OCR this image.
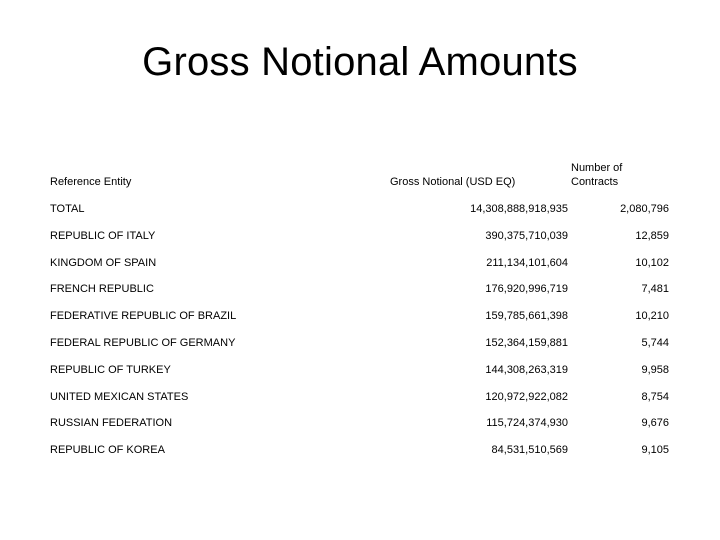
Gross Notional Amounts
Reference Entity	Gross Notional (USD EQ)
Number of
Contracts
TOTAL	14,308,888,918,935	2,080,796
REPUBLIC OF ITALY	390,375,710,039	12,859
KINGDOM OF SPAIN	211,134,101,604	10,102
FRENCH REPUBLIC	176,920,996,719	7,481
FEDERATIVE REPUBLIC OF BRAZIL	159,785,661,398	10,210
FEDERAL REPUBLIC OF GERMANY	152,364,159,881	5,744
REPUBLIC OF TURKEY	144,308,263,319	9,958
UNITED MEXICAN STATES	120,972,922,082	8,754
RUSSIAN FEDERATION	115,724,374,930	9,676
REPUBLIC OF KOREA	84,531,510,569	9,105
